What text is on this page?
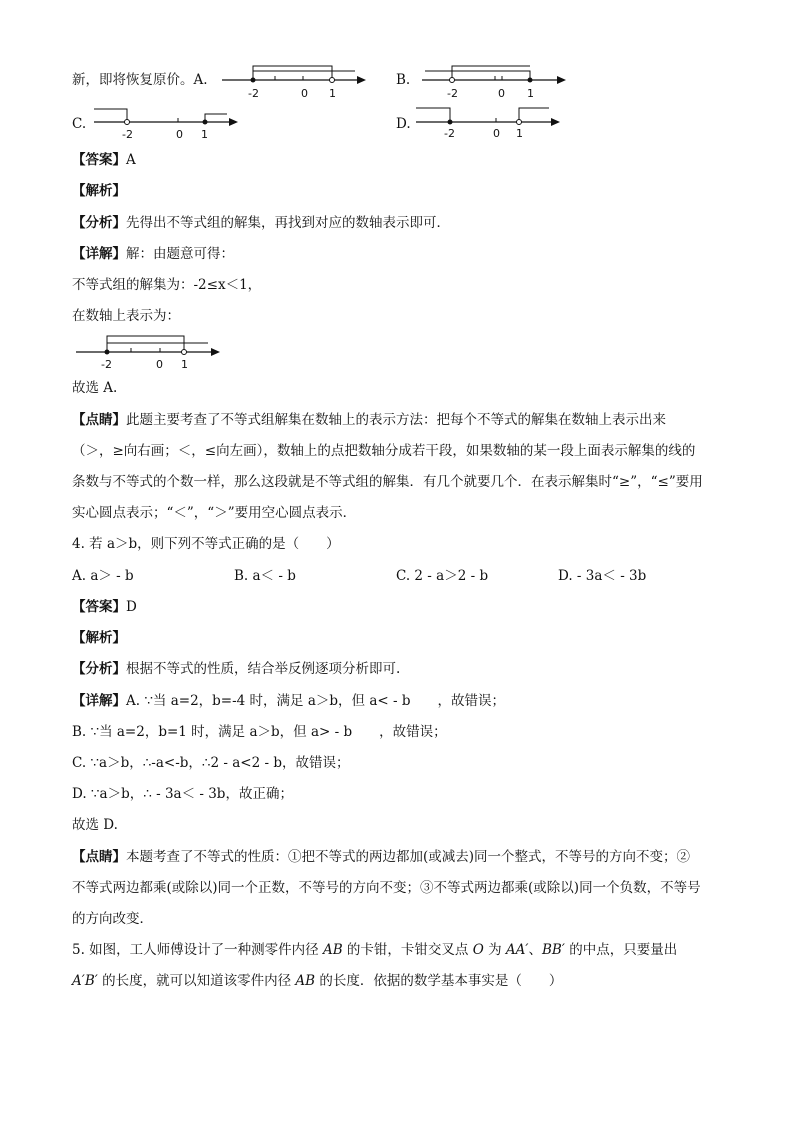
新，即将恢复原价。A.
-2	0 1
B.
-2	0 1
C.
-2	0 1
D.
-2	0 1
【答案】A
【解析】
【分析】先得出不等式组的解集，再找到对应的数轴表示即可．
【详解】解：由题意可得：
不等式组的解集为：-2≤x＜1，
在数轴上表示为：
-2	0 1
故选 A.
【点睛】此题主要考查了不等式组解集在数轴上的表示方法：把每个不等式的解集在数轴上表示出来
（＞，≥向右画；＜，≤向左画），数轴上的点把数轴分成若干段，如果数轴的某一段上面表示解集的线的
条数与不等式的个数一样，那么这段就是不等式组的解集．有几个就要几个．在表示解集时“≥”，“≤”要用
实心圆点表示；“＜”，“＞”要用空心圆点表示．
4. 若 a＞b，则下列不等式正确的是（　　）
A. a＞ - b	B. a＜ - b	C. 2 - a＞2 - b	D. - 3a＜ - 3b
【答案】D
【解析】
【分析】根据不等式的性质，结合举反例逐项分析即可.
【详解】A. ∵当 a=2，b=-4 时，满足 a＞b，但 a< - b　　，故错误；
B. ∵当 a=2，b=1 时，满足 a＞b，但 a> - b　　，故错误；
C. ∵a＞b，∴-a<-b，∴2 - a<2 - b，故错误；
D. ∵a＞b，∴ - 3a＜ - 3b，故正确；
故选 D.
【点睛】本题考查了不等式的性质：①把不等式的两边都加(或减去)同一个整式，不等号的方向不变；②
不等式两边都乘(或除以)同一个正数，不等号的方向不变；③不等式两边都乘(或除以)同一个负数，不等号
的方向改变．
5. 如图，工人师傅设计了一种测零件内径 AB 的卡钳，卡钳交叉点 O 为 AA′、BB′ 的中点，只要量出
A′B′ 的长度，就可以知道该零件内径 AB 的长度．依据的数学基本事实是（　　）
